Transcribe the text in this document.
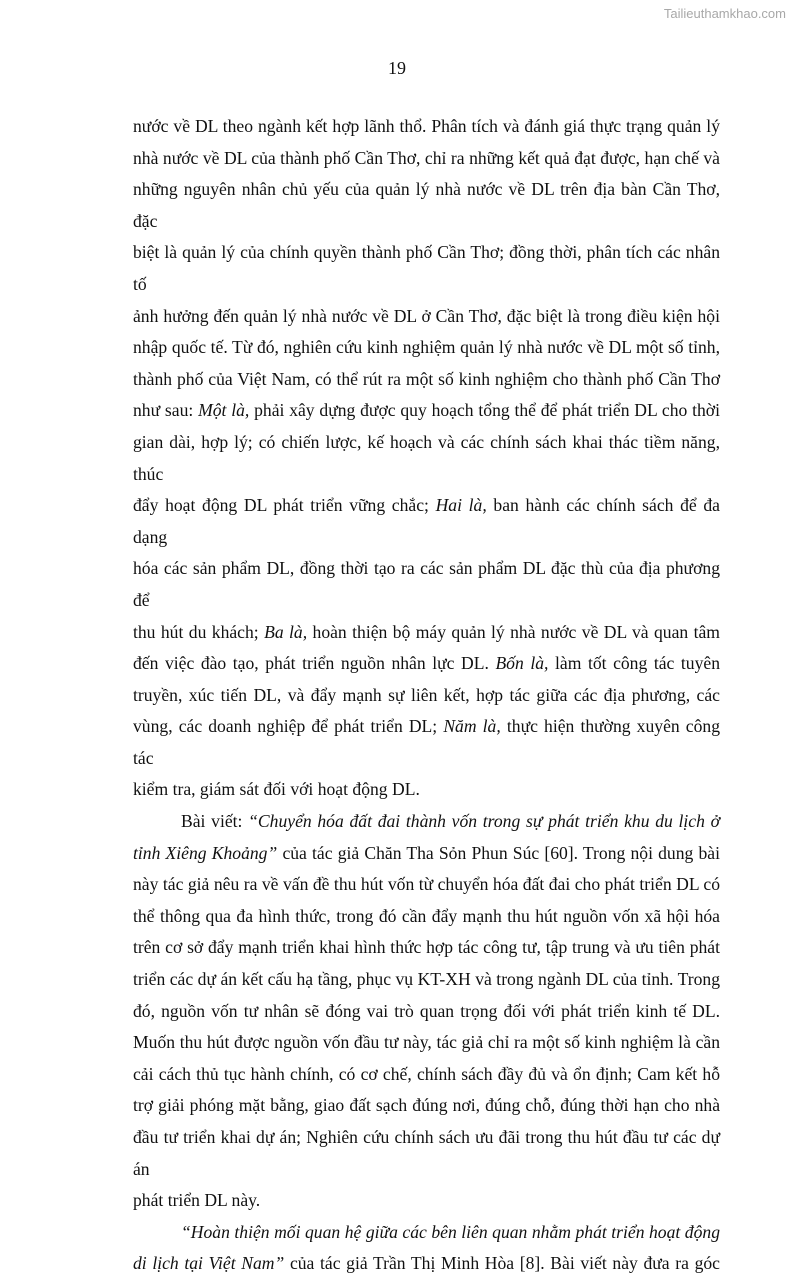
Tailieuthamkhao.com
19
nước về DL theo ngành kết hợp lãnh thổ. Phân tích và đánh giá thực trạng quản lý
nhà nước về DL của thành phố Cần Thơ, chỉ ra những kết quả đạt được, hạn chế và
những nguyên nhân chủ yếu của quản lý nhà nước về DL trên địa bàn Cần Thơ, đặc
biệt là quản lý của chính quyền thành phố Cần Thơ; đồng thời, phân tích các nhân tố
ảnh hưởng đến quản lý nhà nước về DL ở Cần Thơ, đặc biệt là trong điều kiện hội
nhập quốc tế. Từ đó, nghiên cứu kinh nghiệm quản lý nhà nước về DL một số tỉnh,
thành phố của Việt Nam, có thể rút ra một số kinh nghiệm cho thành phố Cần Thơ
như sau: Một là, phải xây dựng được quy hoạch tổng thể để phát triển DL cho thời
gian dài, hợp lý; có chiến lược, kế hoạch và các chính sách khai thác tiềm năng, thúc
đẩy hoạt động DL phát triển vững chắc; Hai là, ban hành các chính sách để đa dạng
hóa các sản phẩm DL, đồng thời tạo ra các sản phẩm DL đặc thù của địa phương để
thu hút du khách; Ba là, hoàn thiện bộ máy quản lý nhà nước về DL và quan tâm
đến việc đào tạo, phát triển nguồn nhân lực DL. Bốn là, làm tốt công tác tuyên
truyền, xúc tiến DL, và đẩy mạnh sự liên kết, hợp tác giữa các địa phương, các
vùng, các doanh nghiệp để phát triển DL; Năm là, thực hiện thường xuyên công tác
kiểm tra, giám sát đối với hoạt động DL.
Bài viết: “Chuyển hóa đất đai thành vốn trong sự phát triển khu du lịch ở
tỉnh Xiêng Khoảng” của tác giả Chăn Tha Sỏn Phun Súc [60]. Trong nội dung bài
này tác giả nêu ra về vấn đề thu hút vốn từ chuyển hóa đất đai cho phát triển DL có
thể thông qua đa hình thức, trong đó cần đẩy mạnh thu hút nguồn vốn xã hội hóa
trên cơ sở đẩy mạnh triển khai hình thức hợp tác công tư, tập trung và ưu tiên phát
triển các dự án kết cấu hạ tầng, phục vụ KT-XH và trong ngành DL của tỉnh. Trong
đó, nguồn vốn tư nhân sẽ đóng vai trò quan trọng đối với phát triển kinh tế DL.
Muốn thu hút được nguồn vốn đầu tư này, tác giả chỉ ra một số kinh nghiệm là cần
cải cách thủ tục hành chính, có cơ chế, chính sách đầy đủ và ổn định; Cam kết hỗ
trợ giải phóng mặt bằng, giao đất sạch đúng nơi, đúng chỗ, đúng thời hạn cho nhà
đầu tư triển khai dự án; Nghiên cứu chính sách ưu đãi trong thu hút đầu tư các dự án
phát triển DL này.
“Hoàn thiện mối quan hệ giữa các bên liên quan nhằm phát triển hoạt động
di lịch tại Việt Nam” của tác giả Trần Thị Minh Hòa [8]. Bài viết này đưa ra góc
